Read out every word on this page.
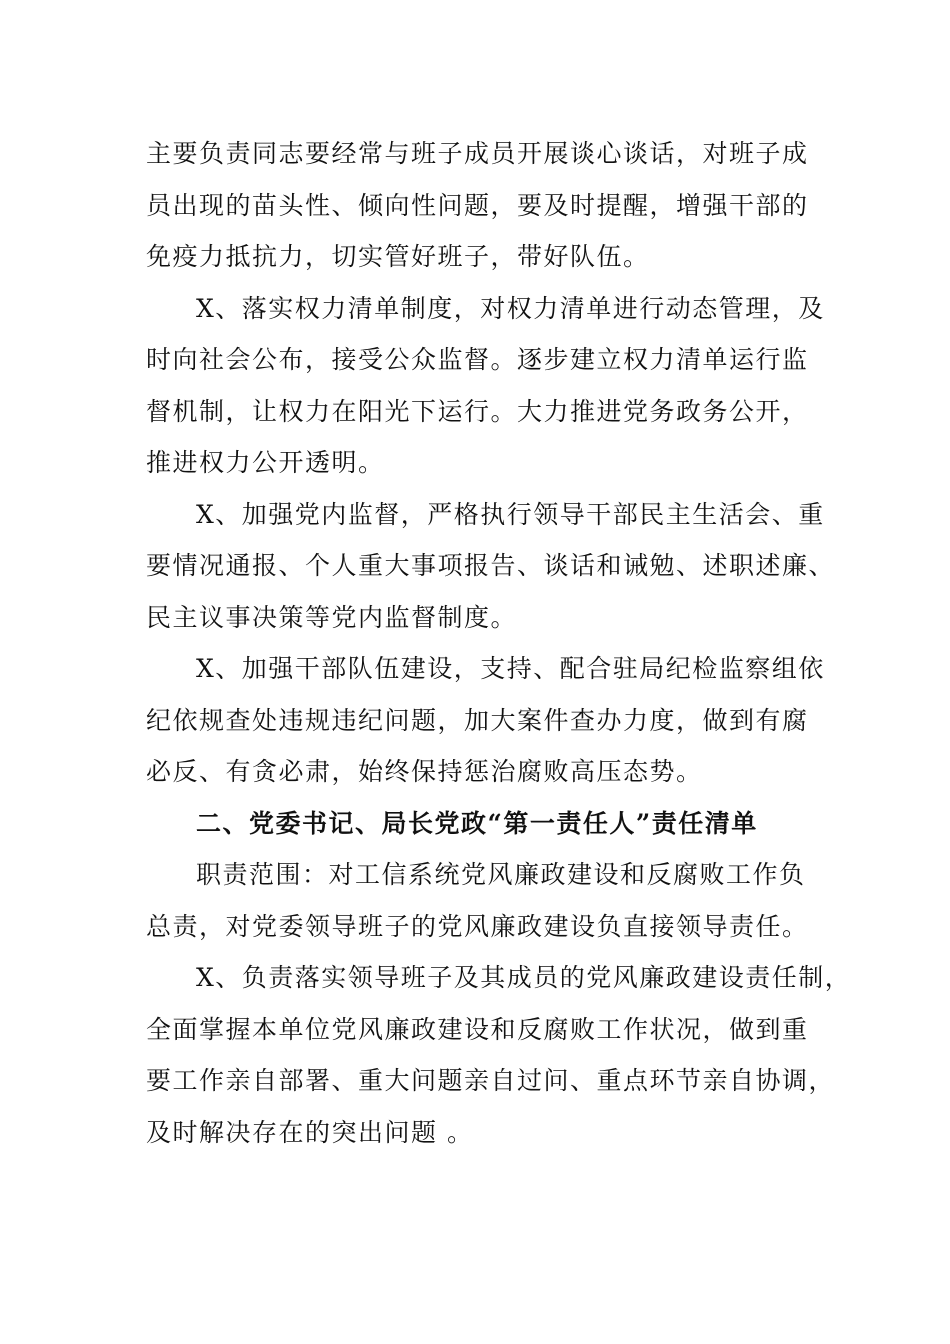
主要负责同志要经常与班子成员开展谈心谈话，对班子成
员出现的苗头性、倾向性问题，要及时提醒，增强干部的
免疫力抵抗力，切实管好班子，带好队伍。
X、落实权力清单制度，对权力清单进行动态管理，及
时向社会公布，接受公众监督。逐步建立权力清单运行监
督机制，让权力在阳光下运行。大力推进党务政务公开，
推进权力公开透明。
X、加强党内监督，严格执行领导干部民主生活会、重
要情况通报、个人重大事项报告、谈话和诫勉、述职述廉、
民主议事决策等党内监督制度。
X、加强干部队伍建设，支持、配合驻局纪检监察组依
纪依规查处违规违纪问题，加大案件查办力度，做到有腐
必反、有贪必肃，始终保持惩治腐败高压态势。
二、党委书记、局长党政“第一责任人”责任清单
职责范围：对工信系统党风廉政建设和反腐败工作负
总责，对党委领导班子的党风廉政建设负直接领导责任。
X、负责落实领导班子及其成员的党风廉政建设责任制，
全面掌握本单位党风廉政建设和反腐败工作状况，做到重
要工作亲自部署、重大问题亲自过问、重点环节亲自协调，
及时解决存在的突出问题 。
